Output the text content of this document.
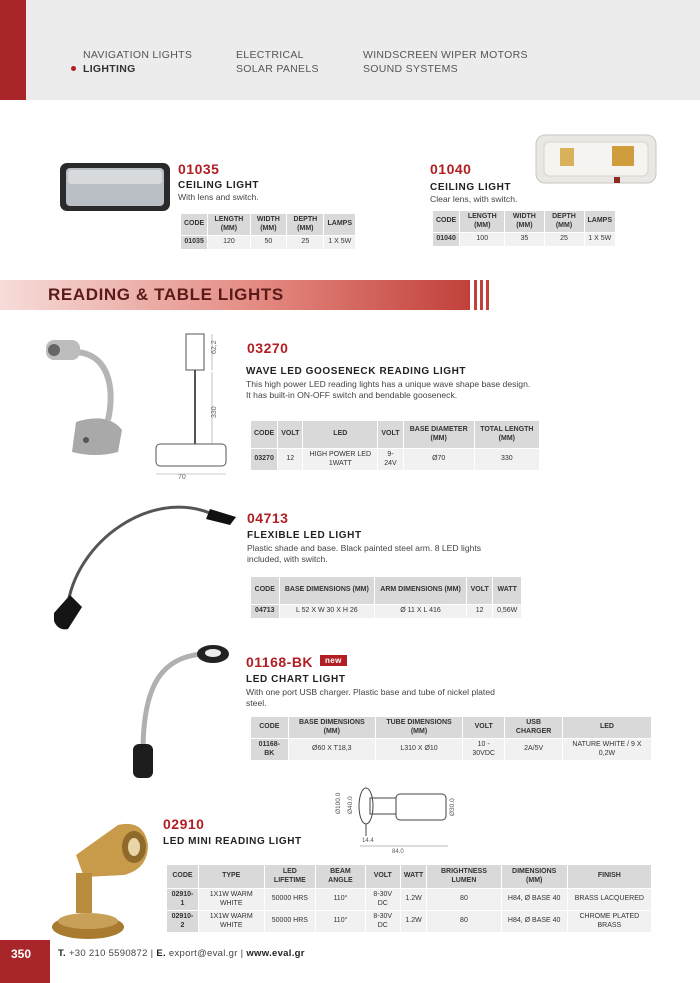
NAVIGATION LIGHTS
LIGHTING
ELECTRICAL
SOLAR PANELS
WINDSCREEN WIPER MOTORS
SOUND SYSTEMS
01035
CEILING LIGHT
With lens and switch.
CODE	LENGTH (MM)	WIDTH (MM)	DEPTH (MM)	LAMPS
01035	120	50	25	1 X 5W
01040
CEILING LIGHT
Clear lens, with switch.
CODE	LENGTH (MM)	WIDTH (MM)	DEPTH (MM)	LAMPS
01040	100	35	25	1 X 5W
READING & TABLE LIGHTS
62,2
330
70
03270
WAVE LED GOOSENECK READING LIGHT
This high power LED reading lights has a unique wave shape base design.
It has built-in ON-OFF switch and bendable gooseneck.
CODE	VOLT	LED	VOLT	BASE DIAMETER (MM)	TOTAL LENGTH (MM)
03270	12	HIGH POWER LED 1WATT	9-24V	Ø70	330
04713
FLEXIBLE LED LIGHT
Plastic shade and base. Black painted steel arm. 8 LED lights
included, with switch.
CODE	BASE DIMENSIONS (MM)	ARM DIMENSIONS (MM)	VOLT	WATT
04713	L 52 X W 30 X H 26	Ø 11 X L 416	12	0,56W
01168-BK	new
LED CHART LIGHT
With one port USB charger. Plastic base and tube of nickel plated
steel.
CODE	BASE DIMENSIONS (MM)	TUBE DIMENSIONS (MM)	VOLT	USB CHARGER	LED
01168-BK	Ø60 X T18,3	L310 X Ø10	10 - 30VDC	2A/5V	NATURE WHITE / 9 X 0,2W
Ø100.0 Ø40.0	Ø30.0
14.4
84.0
02910
LED MINI READING LIGHT
CODE	TYPE	LED LIFETIME	BEAM ANGLE	VOLT	WATT	BRIGHTNESS LUMEN	DIMENSIONS (MM)	FINISH
02910-1	1X1W WARM WHITE	50000 HRS	110°	8-30V DC	1.2W	80	H84, Ø BASE 40	BRASS LACQUERED
02910-2	1X1W WARM WHITE	50000 HRS	110°	8-30V DC	1.2W	80	H84, Ø BASE 40	CHROME PLATED BRASS
350	T. +30 210 5590872 | E. export@eval.gr | www.eval.gr
